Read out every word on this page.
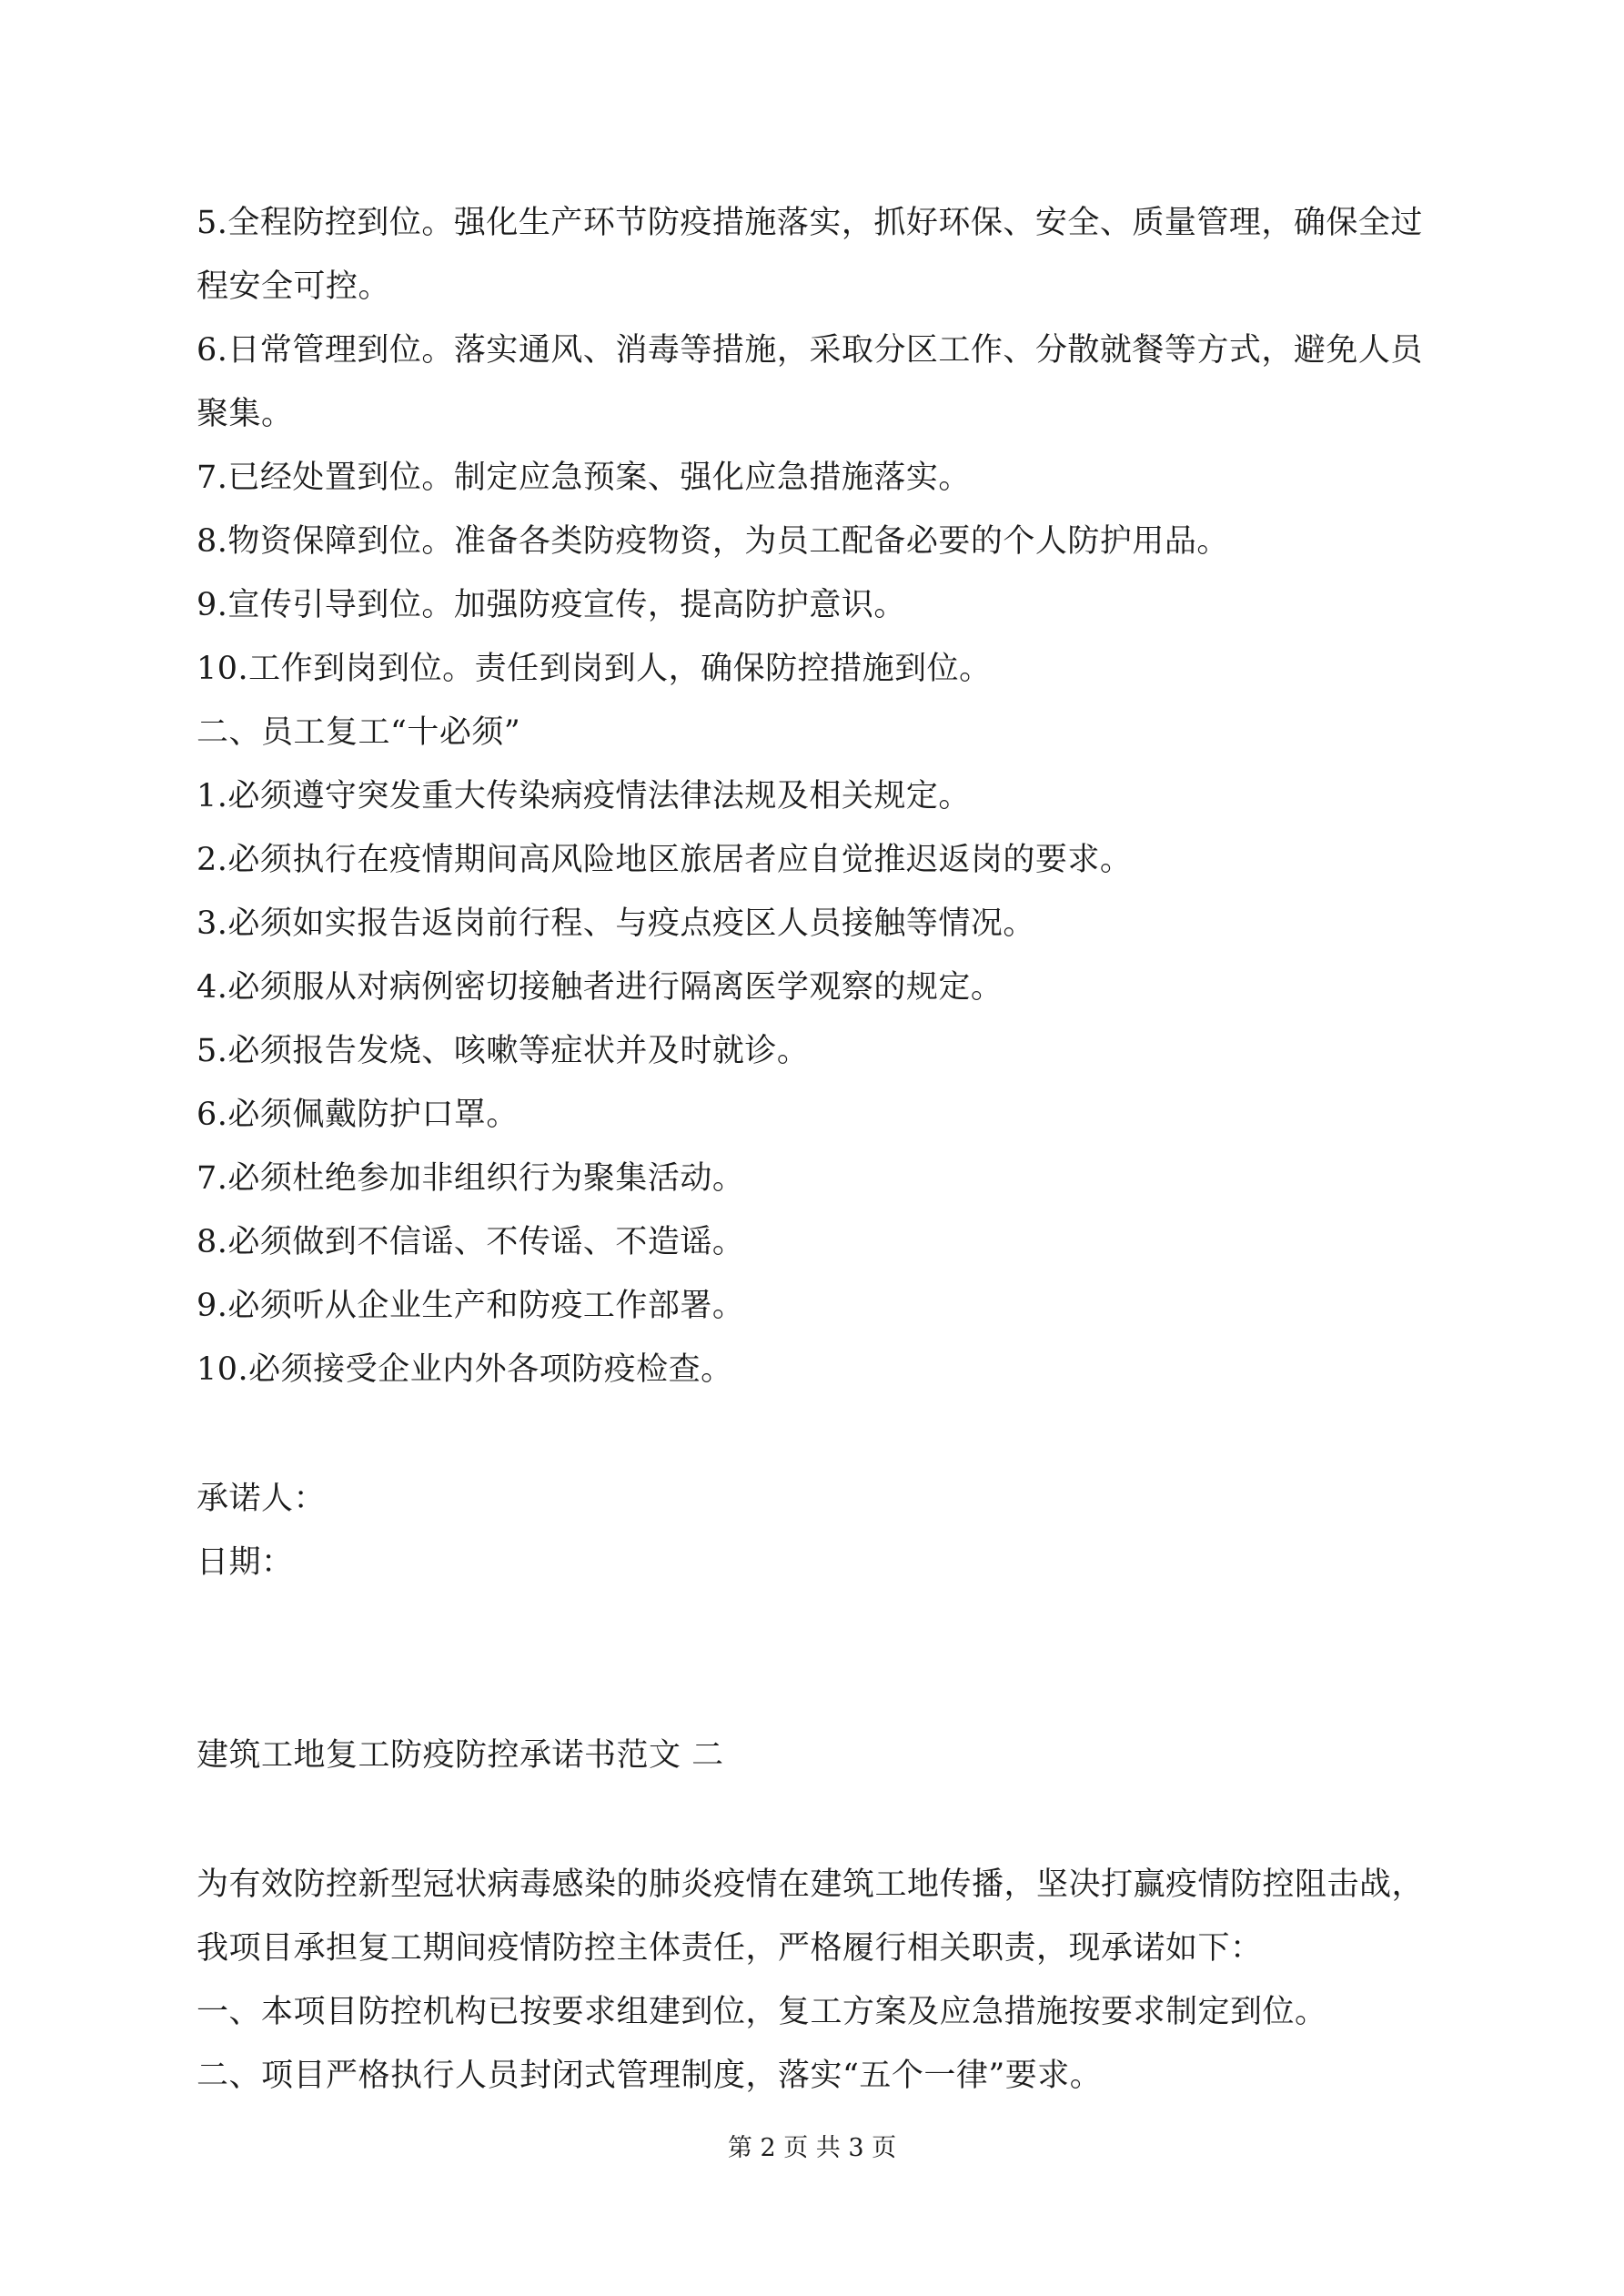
5.全程防控到位。强化生产环节防疫措施落实，抓好环保、安全、质量管理，确保全过
程安全可控。
6.日常管理到位。落实通风、消毒等措施，采取分区工作、分散就餐等方式，避免人员
聚集。
7.已经处置到位。制定应急预案、强化应急措施落实。
8.物资保障到位。准备各类防疫物资，为员工配备必要的个人防护用品。
9.宣传引导到位。加强防疫宣传，提高防护意识。
10.工作到岗到位。责任到岗到人，确保防控措施到位。
二、员工复工“十必须”
1.必须遵守突发重大传染病疫情法律法规及相关规定。
2.必须执行在疫情期间高风险地区旅居者应自觉推迟返岗的要求。
3.必须如实报告返岗前行程、与疫点疫区人员接触等情况。
4.必须服从对病例密切接触者进行隔离医学观察的规定。
5.必须报告发烧、咳嗽等症状并及时就诊。
6.必须佩戴防护口罩。
7.必须杜绝参加非组织行为聚集活动。
8.必须做到不信谣、不传谣、不造谣。
9.必须听从企业生产和防疫工作部署。
10.必须接受企业内外各项防疫检查。
承诺人：
日期：
建筑工地复工防疫防控承诺书范文 二
为有效防控新型冠状病毒感染的肺炎疫情在建筑工地传播，坚决打赢疫情防控阻击战，
我项目承担复工期间疫情防控主体责任，严格履行相关职责，现承诺如下：
一、本项目防控机构已按要求组建到位，复工方案及应急措施按要求制定到位。
二、项目严格执行人员封闭式管理制度，落实“五个一律”要求。
第 2 页 共 3 页
